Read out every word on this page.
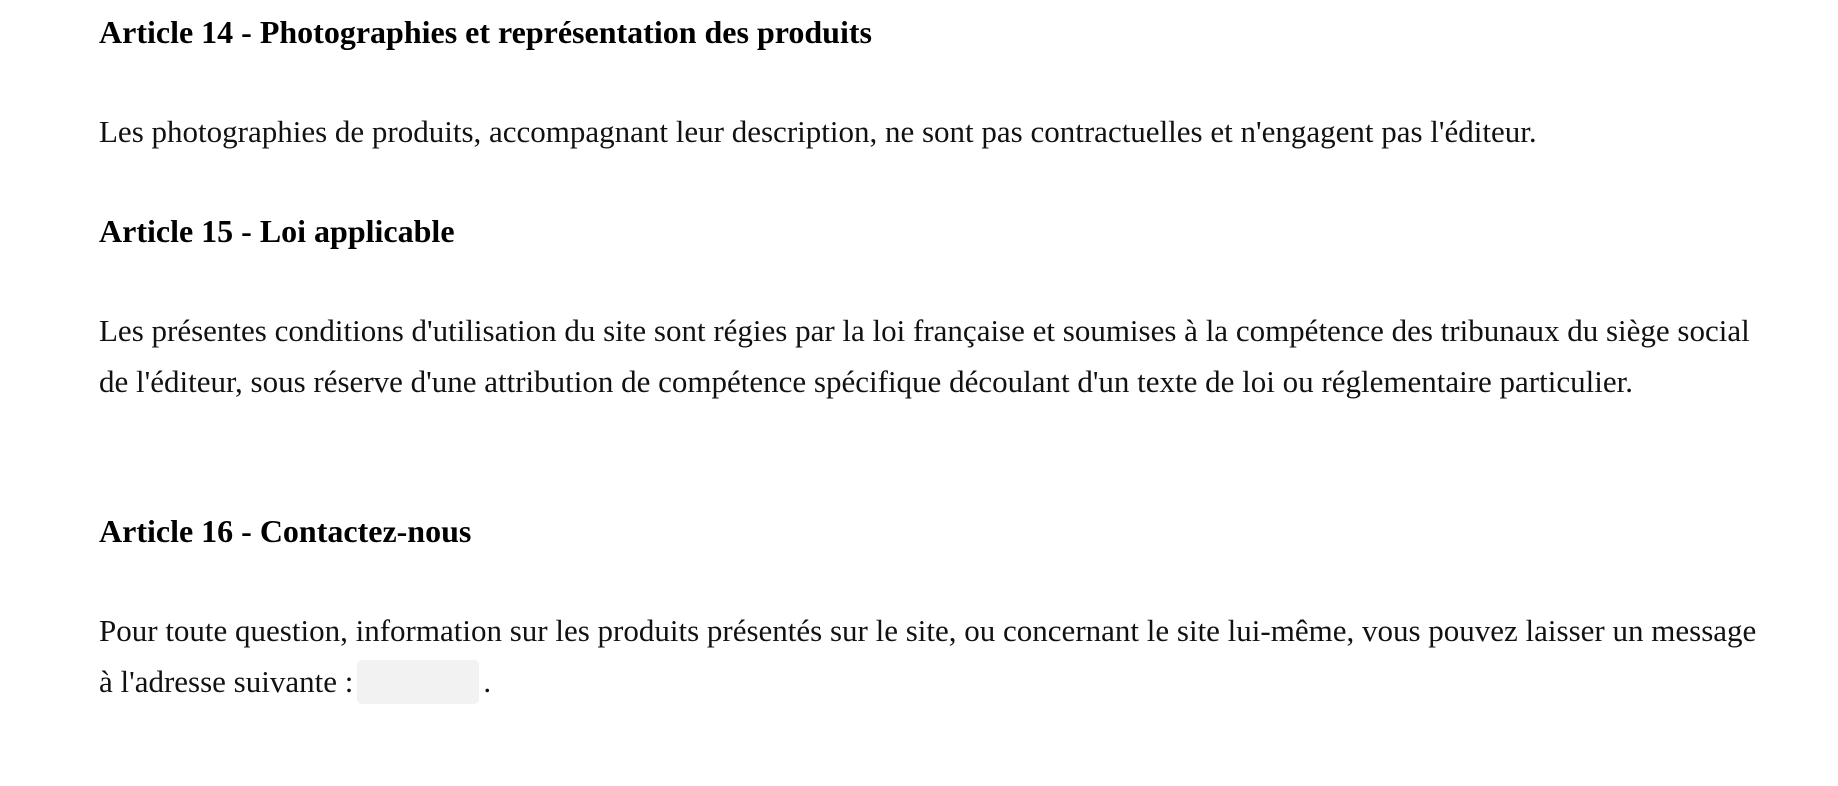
Article 14 - Photographies et représentation des produits

Les photographies de produits, accompagnant leur description, ne sont pas contractuelles et n'engagent pas l'éditeur.

Article 15 - Loi applicable

Les présentes conditions d'utilisation du site sont régies par la loi française et soumises à la compétence des tribunaux du siège social de l'éditeur, sous réserve d'une attribution de compétence spécifique découlant d'un texte de loi ou réglementaire particulier.

Article 16 - Contactez-nous

Pour toute question, information sur les produits présentés sur le site, ou concernant le site lui-même, vous pouvez laisser un message à l'adresse suivante :	.
